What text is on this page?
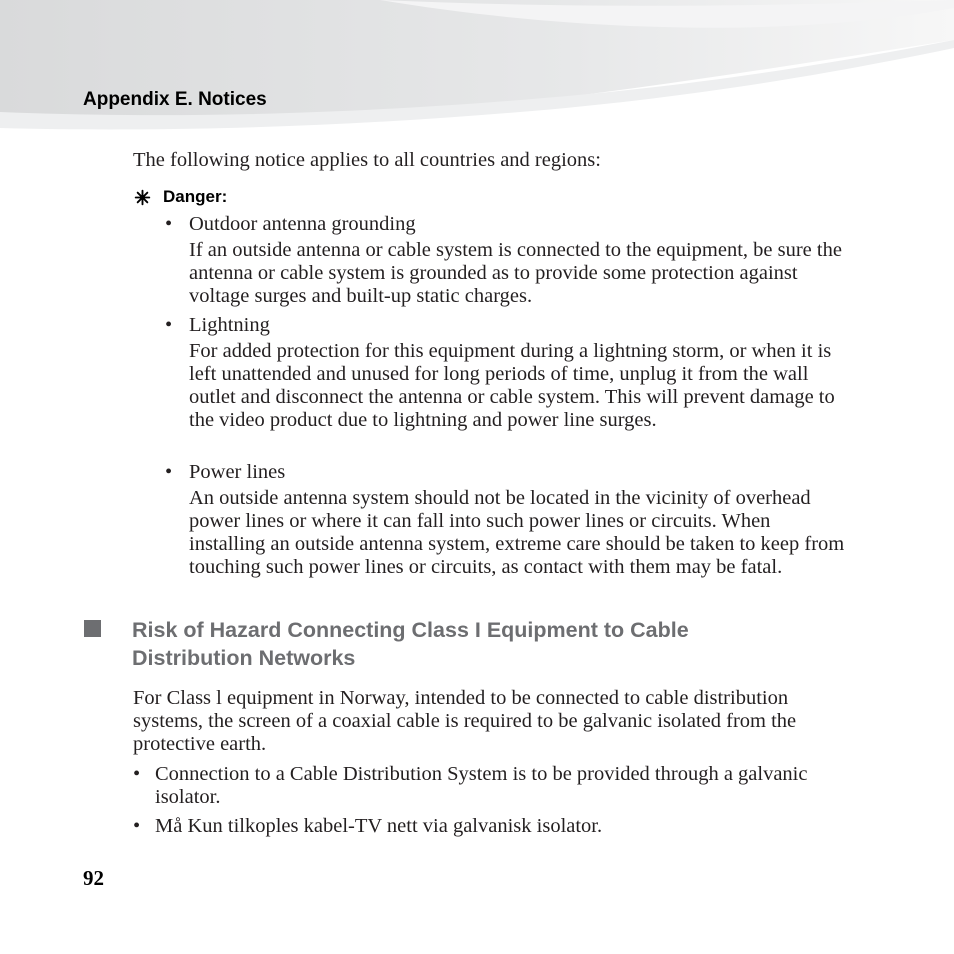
Appendix E. Notices

The following notice applies to all countries and regions:

Danger:
• Outdoor antenna grounding

If an outside antenna or cable system is connected to the equipment, be sure the antenna or cable system is grounded as to provide some protection against voltage surges and built-up static charges.

• Lightning

For added protection for this equipment during a lightning storm, or when it is left unattended and unused for long periods of time, unplug it from the wall outlet and disconnect the antenna or cable system. This will prevent damage to the video product due to lightning and power line surges.

• Power lines

An outside antenna system should not be located in the vicinity of overhead power lines or where it can fall into such power lines or circuits. When installing an outside antenna system, extreme care should be taken to keep from touching such power lines or circuits, as contact with them may be fatal.

Risk of Hazard Connecting Class I Equipment to Cable
Distribution Networks

For Class l equipment in Norway, intended to be connected to cable distribution systems, the screen of a coaxial cable is required to be galvanic isolated from the protective earth.

• Connection to a Cable Distribution System is to be provided through a galvanic isolator.

• Må Kun tilkoples kabel-TV nett via galvanisk isolator.

92
